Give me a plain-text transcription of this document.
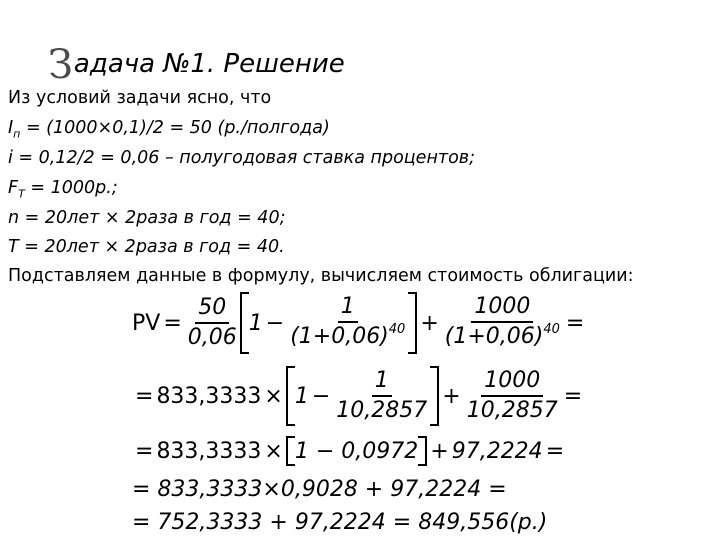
Задача №1. Решение
Из условий задачи ясно, что
$I_п = (1000\times 0,1)/2 = 50$ (р./полгода)
i = 0,12/2 = 0,06 – полугодовая ставка процентов;
$F_T = 1000р$.;
n = 20лет × 2раза в год = 40;
T = 20лет × 2раза в год = 40.
Подставляем данные в формулу, вычисляем стоимость облигации:
PV = $\frac{50}{0,06} 1 - \frac{1}{(1+0,06)^{40}} + \frac{1000}{(1+0,06)^{40}}$ =
= $833,3333 \times 1 - \frac{1}{10,2857} + \frac{1000}{10,2857}$ =
= 833,3333 × 1 − 0,0972 + 97,2224 =
= 833,3333×0,9028 + 97,2224 =
= 752,3333 + 97,2224 = 849,556(р.)
